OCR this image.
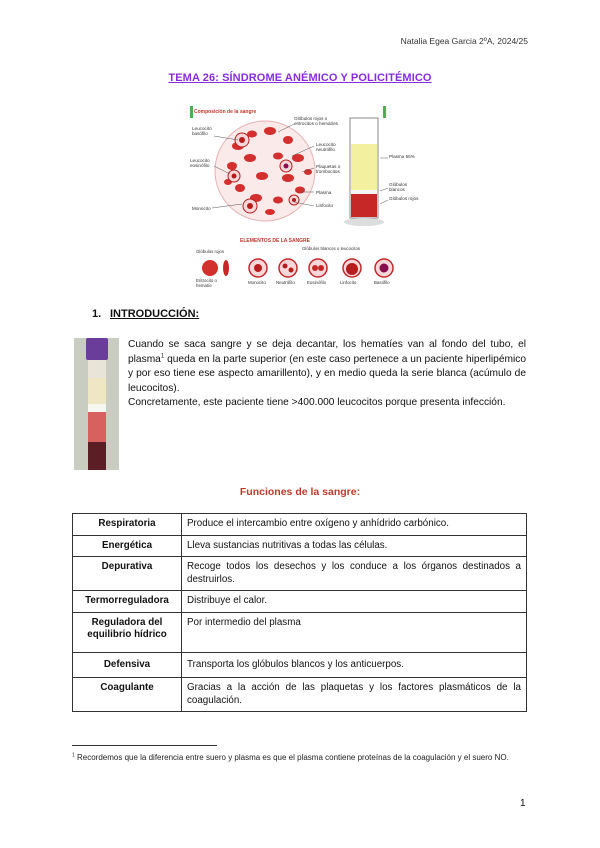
Natalia Egea Garcia 2ºA, 2024/25
TEMA 26: SÍNDROME ANÉMICO Y POLICITÉMICO
Composición de la sangre
Leucocito basófilo
Leucocito eosinófilo
Monocito
Glóbulos rojos o eritrocitos o hematíes
Leucocito neutrófilo
Plaquetas o trombocitos
Plasma
Linfocito
Plasma 55%
Glóbulos blancos
Glóbulos rojos
ELEMENTOS DE LA SANGRE
Glóbulos rojos
Glóbulos blancos o leucocitos
Eritrocito o hematíe
Monocito Neutrófilo	Eosinófilo	Linfocito	Basófilo
1. INTRODUCCIÓN:

Cuando se saca sangre y se deja decantar, los hematíes van al fondo del tubo, el plasma$^1$ queda en la parte superior (en este caso pertenece a un paciente hiperlipémico y por eso tiene ese aspecto amarillento), y en medio queda la serie blanca (acúmulo de leucocitos).

Concretamente, este paciente tiene >400.000 leucocitos porque presenta infección.

Funciones de la sangre:
Respiratoria	Produce el intercambio entre oxígeno y anhídrido carbónico.
Energética	Lleva sustancias nutritivas a todas las células.
Depurativa	Recoge todos los desechos y los conduce a los órganos destinados a destruirlos.
Termorreguladora	Distribuye el calor.
Reguladora del equilibrio hídrico	Por intermedio del plasma
Defensiva	Transporta los glóbulos blancos y los anticuerpos.
Coagulante	Gracias a la acción de las plaquetas y los factores plasmáticos de la coagulación.
$^1$ Recordemos que la diferencia entre suero y plasma es que el plasma contiene proteínas de la coagulación y el suero NO.
1
